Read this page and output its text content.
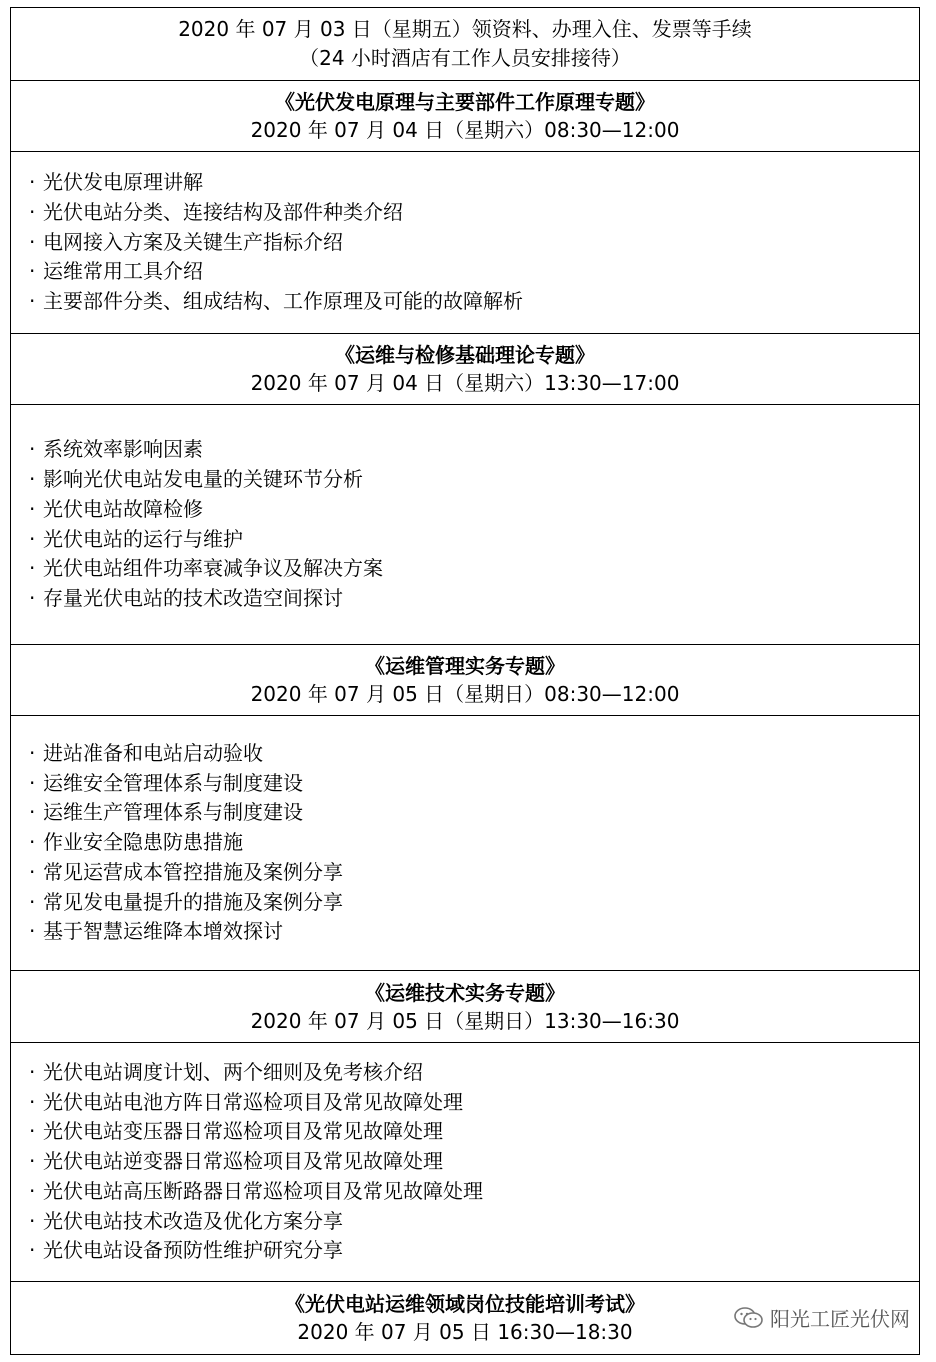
2020 年 07 月 03 日（星期五）领资料、办理入住、发票等手续
（24 小时酒店有工作人员安排接待）
《光伏发电原理与主要部件工作原理专题》
2020 年 07 月 04 日（星期六）08:30—12:00
· 光伏发电原理讲解
· 光伏电站分类、连接结构及部件种类介绍
· 电网接入方案及关键生产指标介绍
· 运维常用工具介绍
· 主要部件分类、组成结构、工作原理及可能的故障解析
《运维与检修基础理论专题》
2020 年 07 月 04 日（星期六）13:30—17:00
· 系统效率影响因素
· 影响光伏电站发电量的关键环节分析
· 光伏电站故障检修
· 光伏电站的运行与维护
· 光伏电站组件功率衰减争议及解决方案
· 存量光伏电站的技术改造空间探讨
《运维管理实务专题》
2020 年 07 月 05 日（星期日）08:30—12:00
· 进站准备和电站启动验收
· 运维安全管理体系与制度建设
· 运维生产管理体系与制度建设
· 作业安全隐患防患措施
· 常见运营成本管控措施及案例分享
· 常见发电量提升的措施及案例分享
· 基于智慧运维降本增效探讨
《运维技术实务专题》
2020 年 07 月 05 日（星期日）13:30—16:30
· 光伏电站调度计划、两个细则及免考核介绍
· 光伏电站电池方阵日常巡检项目及常见故障处理
· 光伏电站变压器日常巡检项目及常见故障处理
· 光伏电站逆变器日常巡检项目及常见故障处理
· 光伏电站高压断路器日常巡检项目及常见故障处理
· 光伏电站技术改造及优化方案分享
· 光伏电站设备预防性维护研究分享
《光伏电站运维领域岗位技能培训考试》
2020 年 07 月 05 日 16:30—18:30
阳光工匠光伏网
